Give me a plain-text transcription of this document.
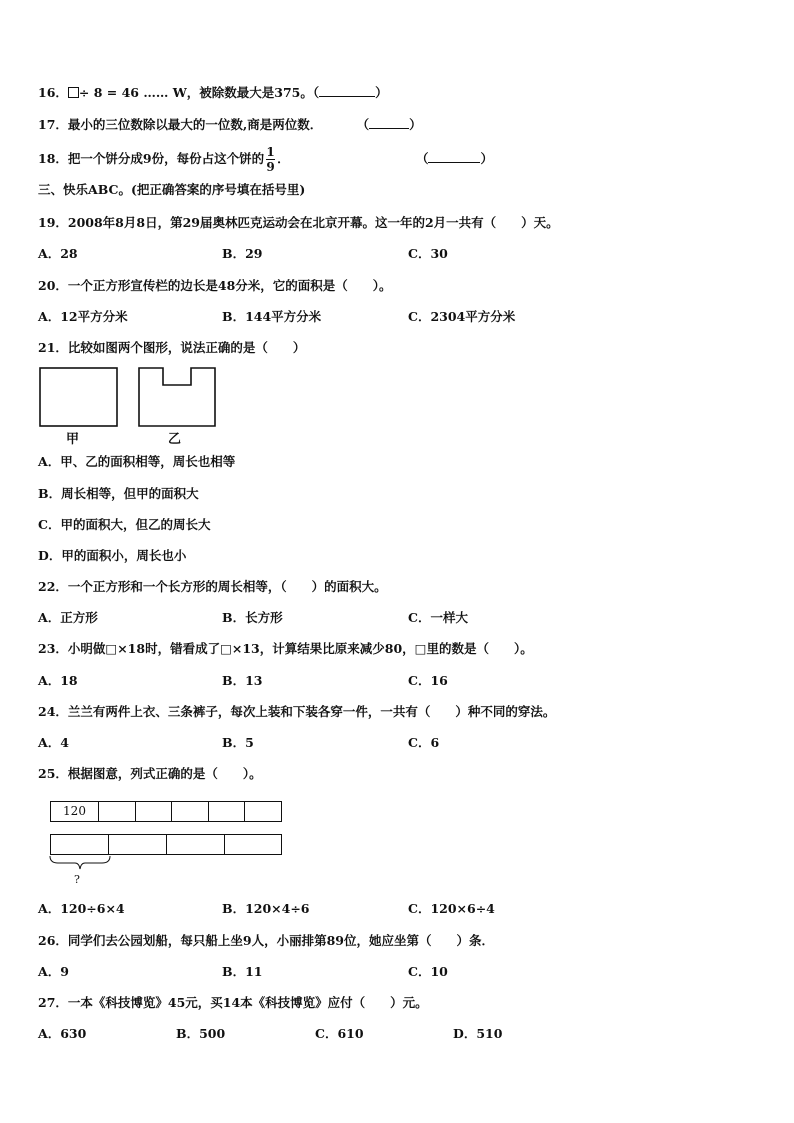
16． ÷ 8 = 46 …… W，被除数最大是375。（	）
17．最小的三位数除以最大的一位数,商是两位数．	（	）
18．把一个饼分成9份，每份占这个饼的 $\frac{1}{9}$ ．	（	）
三、快乐ABC。(把正确答案的序号填在括号里)
19．2008年8月8日，第29届奥林匹克运动会在北京开幕。这一年的2月一共有（　　）天。
A．28	B．29	C．30
20．一个正方形宣传栏的边长是48分米，它的面积是（　　）。
A．12平方分米	B．144平方分米	C．2304平方分米
21．比较如图两个图形，说法正确的是（　　）
甲	乙
A．甲、乙的面积相等，周长也相等
B．周长相等，但甲的面积大
C．甲的面积大，但乙的周长大
D．甲的面积小，周长也小
22．一个正方形和一个长方形的周长相等，（　　）的面积大。
A．正方形	B．长方形	C．一样大
23．小明做□×18时，错看成了□×13，计算结果比原来减少80，□里的数是（　　）。
A．18	B．13	C．16
24．兰兰有两件上衣、三条裤子，每次上装和下装各穿一件，一共有（　　）种不同的穿法。
A．4	B．5	C．6
25．根据图意，列式正确的是（　　）。
120
?
A．120÷6×4	B．120×4÷6	C．120×6÷4
26．同学们去公园划船，每只船上坐9人，小丽排第89位，她应坐第（　　）条．
A．9	B．11	C．10
27．一本《科技博览》45元，买14本《科技博览》应付（　　）元。
A．630	B．500	C．610	D．510
